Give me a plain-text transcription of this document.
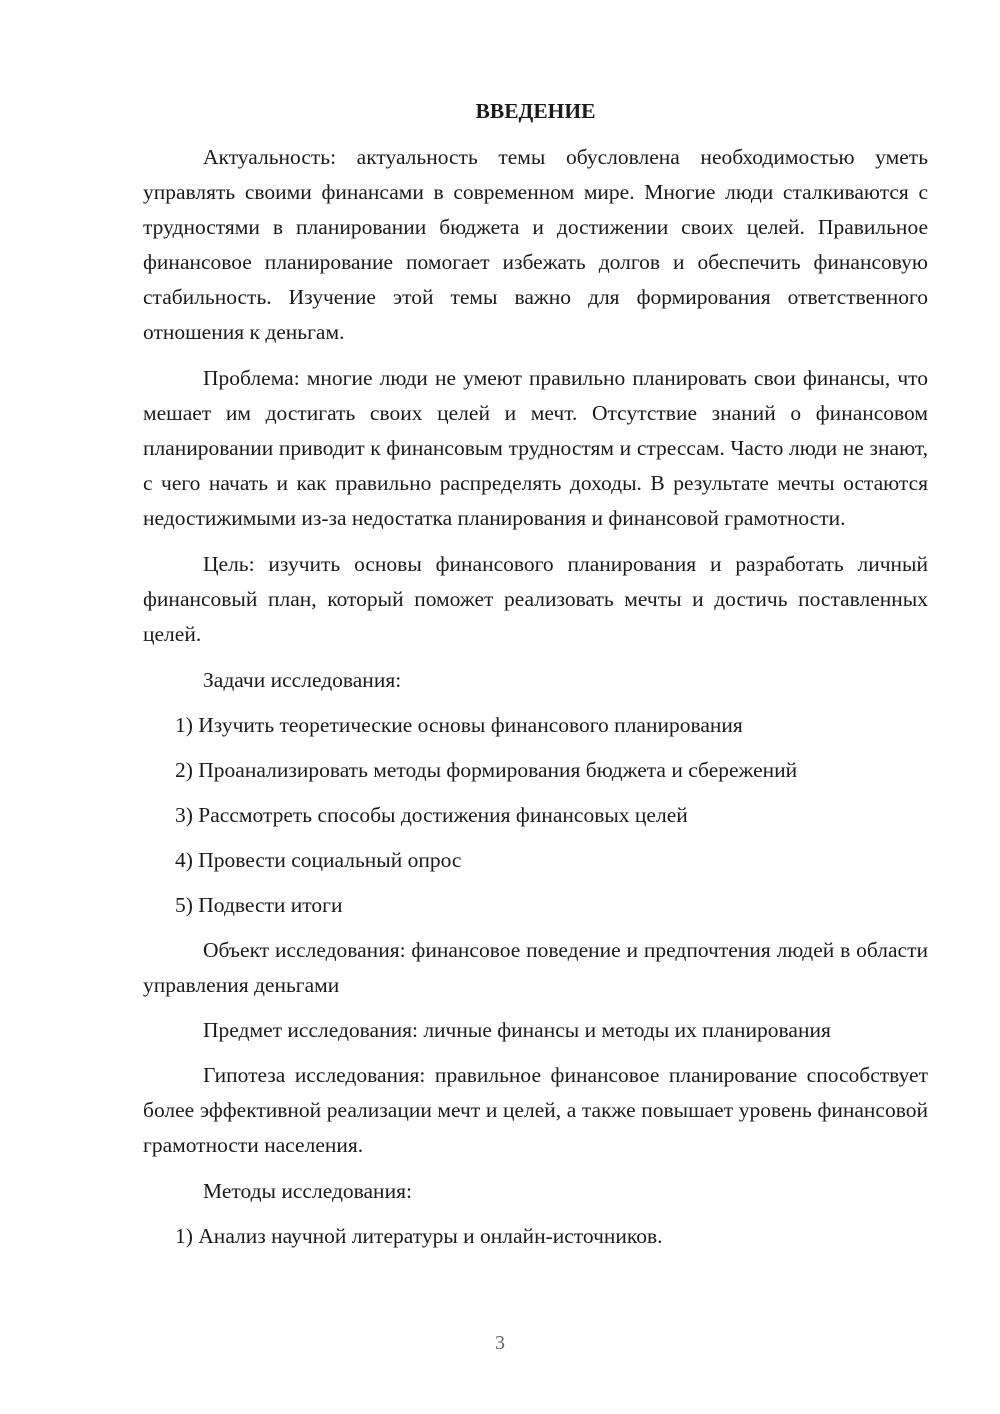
ВВЕДЕНИЕ

Актуальность: актуальность темы обусловлена необходимостью уметь управлять своими финансами в современном мире. Многие люди сталкиваются с трудностями в планировании бюджета и достижении своих целей. Правильное финансовое планирование помогает избежать долгов и обеспечить финансовую стабильность. Изучение этой темы важно для формирования ответственного отношения к деньгам.

Проблема: многие люди не умеют правильно планировать свои финансы, что мешает им достигать своих целей и мечт. Отсутствие знаний о финансовом планировании приводит к финансовым трудностям и стрессам. Часто люди не знают, с чего начать и как правильно распределять доходы. В результате мечты остаются недостижимыми из-за недостатка планирования и финансовой грамотности.

Цель: изучить основы финансового планирования и разработать личный финансовый план, который поможет реализовать мечты и достичь поставленных целей.

Задачи исследования:

1) Изучить теоретические основы финансового планирования

2) Проанализировать методы формирования бюджета и сбережений

3) Рассмотреть способы достижения финансовых целей

4) Провести социальный опрос

5) Подвести итоги

Объект исследования: финансовое поведение и предпочтения людей в области управления деньгами

Предмет исследования: личные финансы и методы их планирования

Гипотеза исследования: правильное финансовое планирование способствует более эффективной реализации мечт и целей, а также повышает уровень финансовой грамотности населения.

Методы исследования:

1) Анализ научной литературы и онлайн-источников.

3
